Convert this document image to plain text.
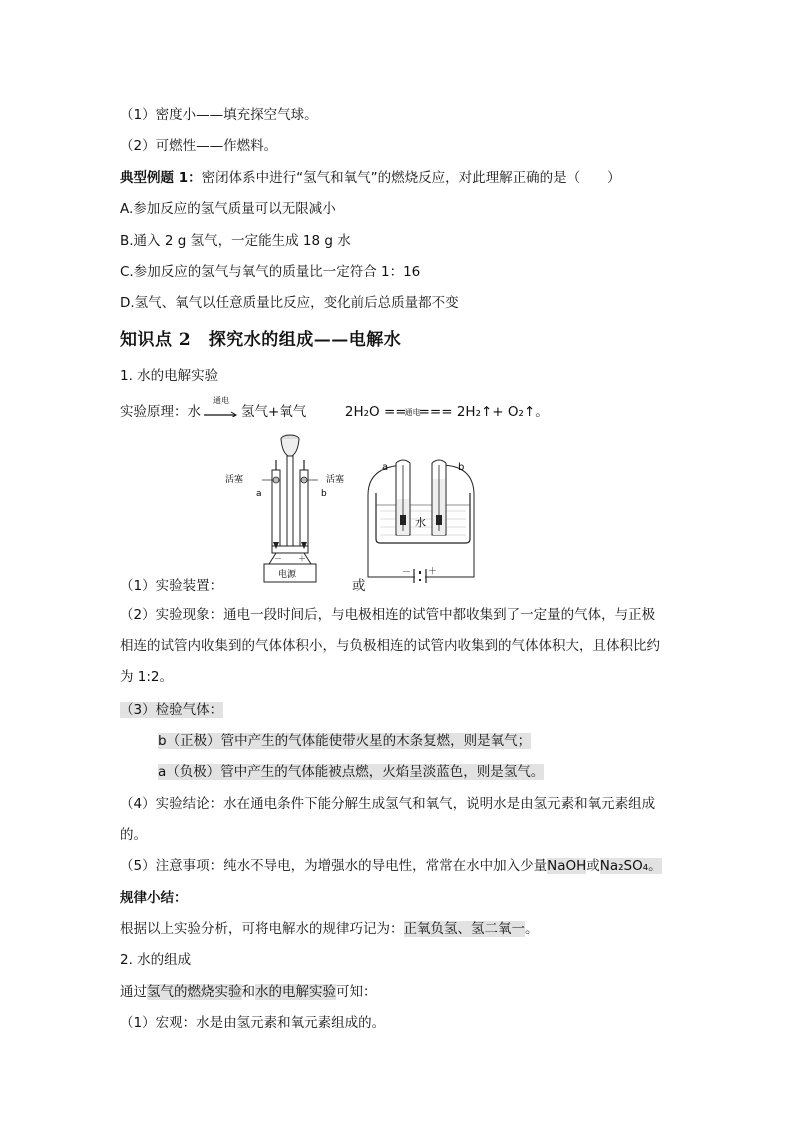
（1）密度小——填充探空气球。
（2）可燃性——作燃料。
典型例题 1：密闭体系中进行“氢气和氧气”的燃烧反应，对此理解正确的是（　　）
A.参加反应的氢气质量可以无限减小
B.通入 2 g 氢气，一定能生成 18 g 水
C.参加反应的氢气与氧气的质量比一定符合 1：16
D.氢气、氧气以任意质量比反应，变化前后总质量都不变
知识点 2　探究水的组成——电解水
1. 水的电解实验
实验原理：水
通电
氢气+氧气	2H₂O ==
通电
=== 2H₂↑+ O₂↑。
－ ＋
电源
活塞	活塞
a	b
水
－ ＋
a	b
（1）实验装置：	或
（2）实验现象：通电一段时间后，与电极相连的试管中都收集到了一定量的气体，与正极
相连的试管内收集到的气体体积小，与负极相连的试管内收集到的气体体积大，且体积比约
为 1:2。
（3）检验气体：
b（正极）管中产生的气体能使带火星的木条复燃，则是氧气；
a（负极）管中产生的气体能被点燃，火焰呈淡蓝色，则是氢气。
（4）实验结论：水在通电条件下能分解生成氢气和氧气，说明水是由氢元素和氧元素组成
的。
（5）注意事项：纯水不导电，为增强水的导电性，常常在水中加入少量NaOH或Na₂SO₄。
规律小结：
根据以上实验分析，可将电解水的规律巧记为：正氧负氢、氢二氧一。
2. 水的组成
通过氢气的燃烧实验和水的电解实验可知：
（1）宏观：水是由氢元素和氧元素组成的。
